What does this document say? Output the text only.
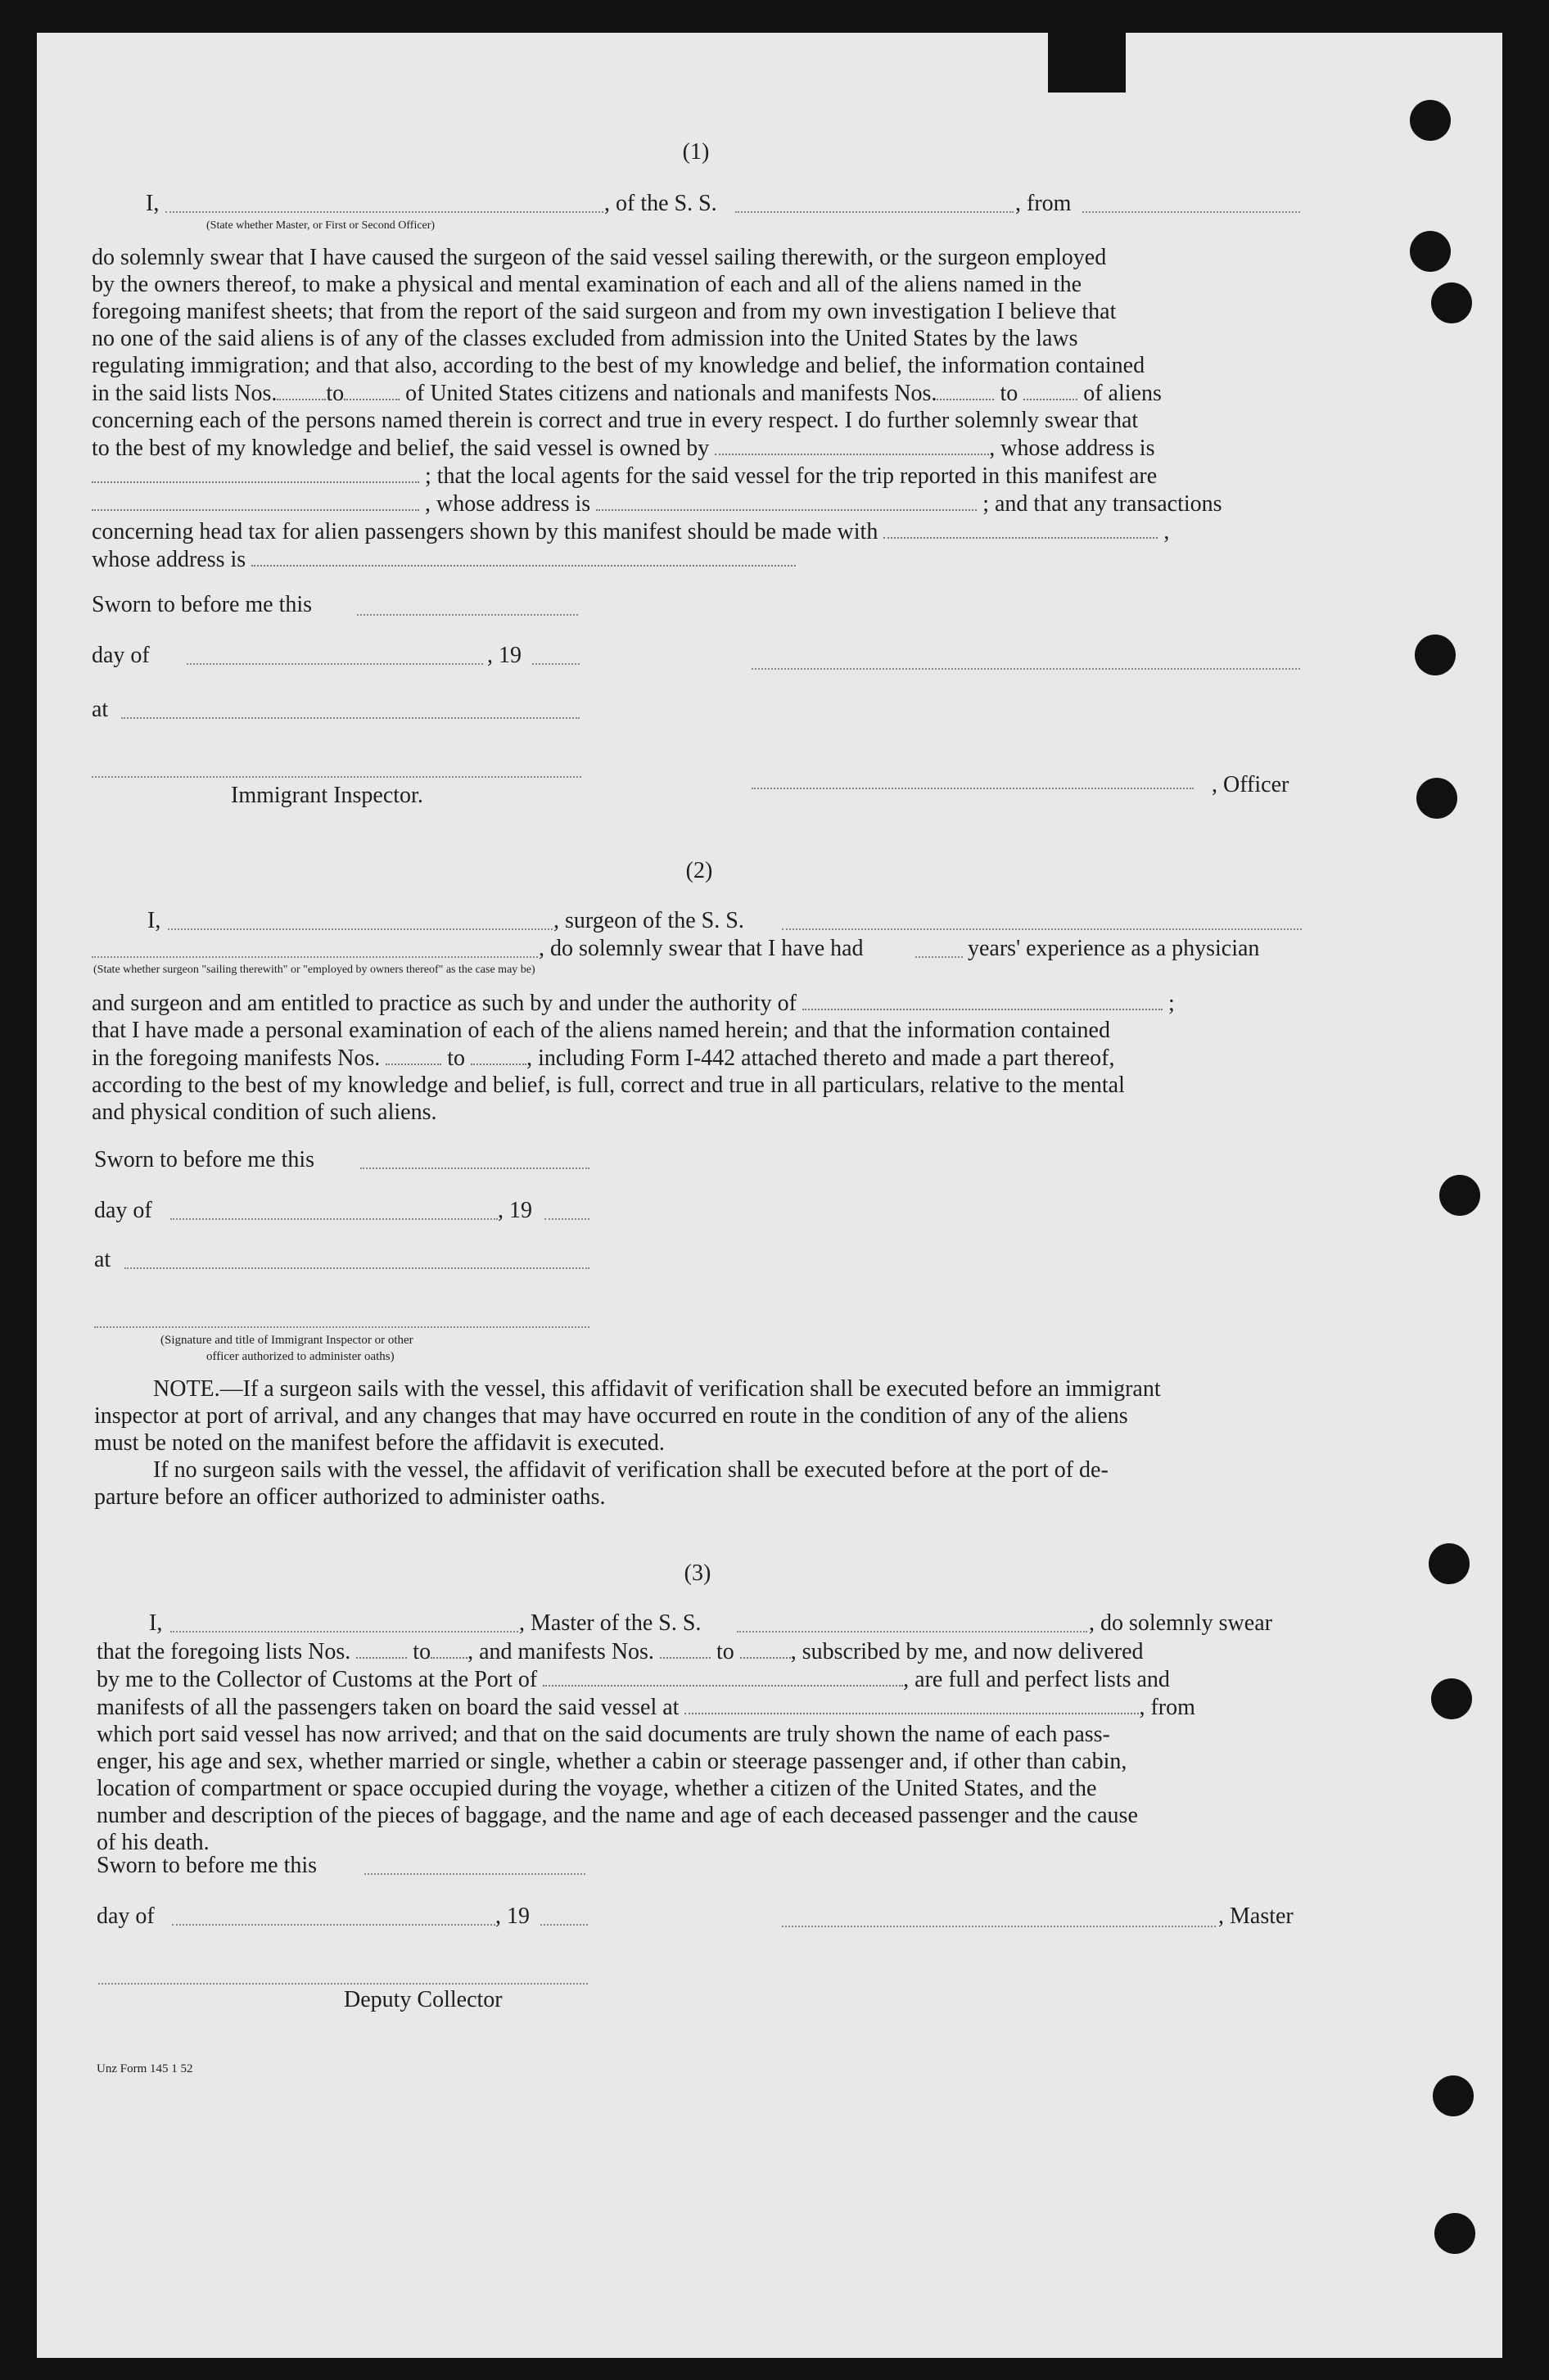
(1)
I,	, of the S. S.	, from
(State whether Master, or First or Second Officer)

do solemnly swear that I have caused the surgeon of the said vessel sailing therewith, or the surgeon employed

by the owners thereof, to make a physical and mental examination of each and all of the aliens named in the

foregoing manifest sheets; that from the report of the said surgeon and from my own investigation I believe that

no one of the said aliens is of any of the classes excluded from admission into the United States by the laws

regulating immigration; and that also, according to the best of my knowledge and belief, the information contained

in the said lists Nos. to	of United States citizens and nationals and manifests Nos.	to	of aliens

concerning each of the persons named therein is correct and true in every respect. I do further solemnly swear that

to the best of my knowledge and belief, the said vessel is owned by	, whose address is

; that the local agents for the said vessel for the trip reported in this manifest are

, whose address is	; and that any transactions

concerning head tax for alien passengers shown by this manifest should be made with	,

whose address is

Sworn to before me this
day of	, 19
at
Immigrant Inspector.	, Officer
(2)
I,	, surgeon of the S. S.
, do solemnly swear that I have had	years' experience as a physician
(State whether surgeon "sailing therewith" or "employed by owners thereof" as the case may be)

and surgeon and am entitled to practice as such by and under the authority of	;

that I have made a personal examination of each of the aliens named herein; and that the information contained

in the foregoing manifests Nos.	to	, including Form I-442 attached thereto and made a part thereof,

according to the best of my knowledge and belief, is full, correct and true in all particulars, relative to the mental

and physical condition of such aliens.

Sworn to before me this
day of	, 19
at
(Signature and title of Immigrant Inspector or other
officer authorized to administer oaths)

NOTE.—If a surgeon sails with the vessel, this affidavit of verification shall be executed before an immigrant

inspector at port of arrival, and any changes that may have occurred en route in the condition of any of the aliens

must be noted on the manifest before the affidavit is executed.

If no surgeon sails with the vessel, the affidavit of verification shall be executed before at the port of de-

parture before an officer authorized to administer oaths.

(3)
I,	, Master of the S. S.	, do solemnly swear

that the foregoing lists Nos.	to , and manifests Nos.	to , subscribed by me, and now delivered

by me to the Collector of Customs at the Port of	, are full and perfect lists and

manifests of all the passengers taken on board the said vessel at	, from

which port said vessel has now arrived; and that on the said documents are truly shown the name of each pass-

enger, his age and sex, whether married or single, whether a cabin or steerage passenger and, if other than cabin,

location of compartment or space occupied during the voyage, whether a citizen of the United States, and the

number and description of the pieces of baggage, and the name and age of each deceased passenger and the cause

of his death.

Sworn to before me this
day of	, 19	, Master
Deputy Collector
Unz Form 145 1 52
